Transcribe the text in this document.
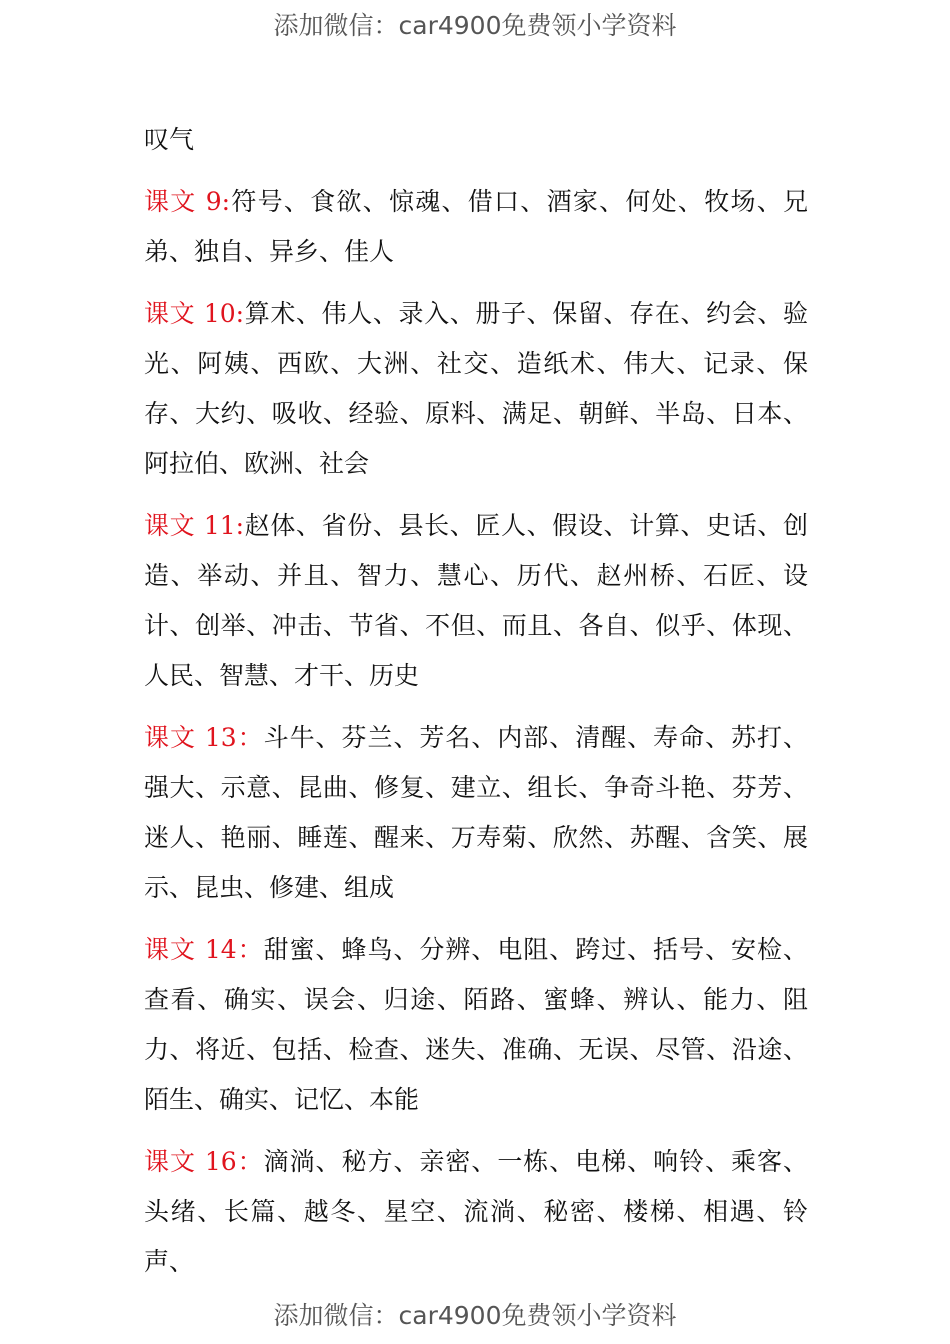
添加微信：car4900免费领小学资料

叹气

课文 9:符号、食欲、惊魂、借口、酒家、何处、牧场、兄弟、独自、异乡、佳人

课文 10:算术、伟人、录入、册子、保留、存在、约会、验光、阿姨、西欧、大洲、社交、造纸术、伟大、记录、保存、大约、吸收、经验、原料、满足、朝鲜、半岛、日本、阿拉伯、欧洲、社会

课文 11:赵体、省份、县长、匠人、假设、计算、史话、创造、举动、并且、智力、慧心、历代、赵州桥、石匠、设计、创举、冲击、节省、不但、而且、各自、似乎、体现、人民、智慧、才干、历史

课文 13：斗牛、芬兰、芳名、内部、清醒、寿命、苏打、强大、示意、昆曲、修复、建立、组长、争奇斗艳、芬芳、迷人、艳丽、睡莲、醒来、万寿菊、欣然、苏醒、含笑、展示、昆虫、修建、组成

课文 14：甜蜜、蜂鸟、分辨、电阻、跨过、括号、安检、查看、确实、误会、归途、陌路、蜜蜂、辨认、能力、阻力、将近、包括、检查、迷失、准确、无误、尽管、沿途、陌生、确实、记忆、本能

课文 16：滴淌、秘方、亲密、一栋、电梯、响铃、乘客、头绪、长篇、越冬、星空、流淌、秘密、楼梯、相遇、铃声、

添加微信：car4900免费领小学资料
